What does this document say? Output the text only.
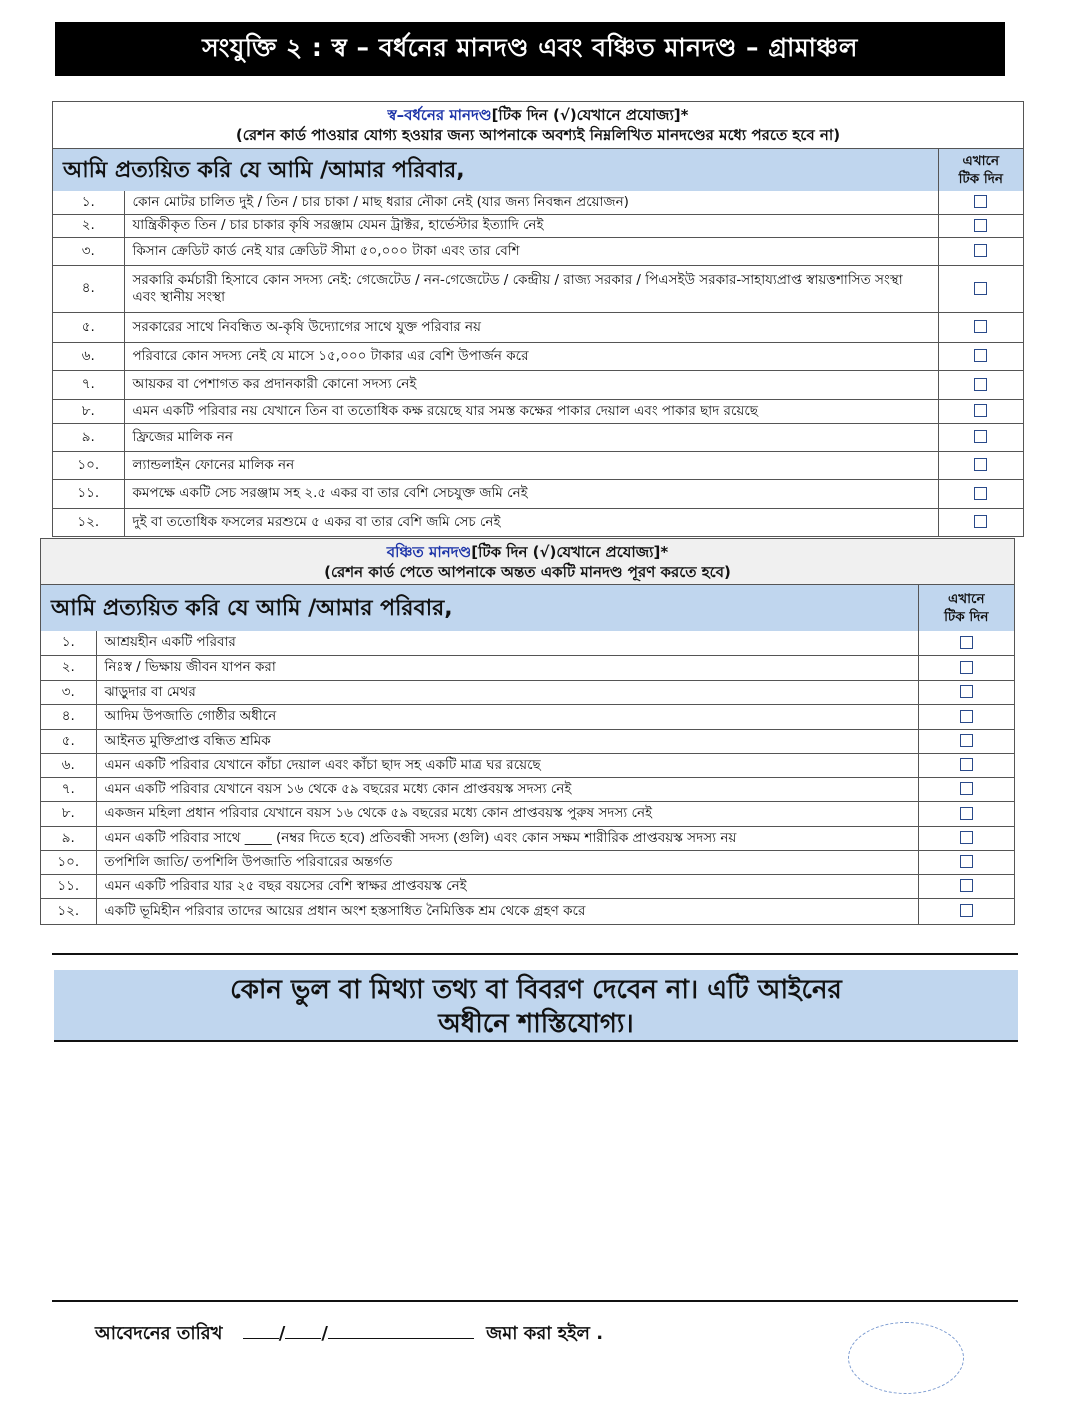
সংযুক্তি ২ : স্ব – বর্ধনের মানদণ্ড এবং বঞ্চিত মানদণ্ড – গ্রামাঞ্চল
স্ব–বর্ধনের মানদণ্ড[টিক দিন (√)যেখানে প্রযোজ্য]*
(রেশন কার্ড পাওয়ার যোগ্য হওয়ার জন্য আপনাকে অবশ্যই নিম্নলিখিত মানদণ্ডের মধ্যে পরতে হবে না)
আমি প্রত্যয়িত করি যে আমি /আমার পরিবার,		এখানে
টিক দিন
১.	কোন মোটর চালিত দুই / তিন / চার চাকা / মাছ ধরার নৌকা নেই (যার জন্য নিবন্ধন প্রয়োজন)	
২.	যান্ত্রিকীকৃত তিন / চার চাকার কৃষি সরঞ্জাম যেমন ট্রাক্টর, হার্ভেস্টার ইত্যাদি নেই	
৩.	কিসান ক্রেডিট কার্ড নেই যার ক্রেডিট সীমা ৫০,০০০ টাকা এবং তার বেশি	
৪.	সরকারি কর্মচারী হিসাবে কোন সদস্য নেই: গেজেটেড / নন-গেজেটেড / কেন্দ্রীয় / রাজ্য সরকার / পিএসইউ সরকার-সাহায্যপ্রাপ্ত স্বায়ত্তশাসিত সংস্থা এবং স্থানীয় সংস্থা	
৫.	সরকারের সাথে নিবন্ধিত অ-কৃষি উদ্যোগের সাথে যুক্ত পরিবার নয়	
৬.	পরিবারে কোন সদস্য নেই যে মাসে ১৫,০০০ টাকার এর বেশি উপার্জন করে	
৭.	আয়কর বা পেশাগত কর প্রদানকারী কোনো সদস্য নেই	
৮.	এমন একটি পরিবার নয় যেখানে তিন বা ততোধিক কক্ষ রয়েছে যার সমস্ত কক্ষের পাকার দেয়াল এবং পাকার ছাদ রয়েছে	
৯.	ফ্রিজের মালিক নন	
১০.	ল্যান্ডলাইন ফোনের মালিক নন	
১১.	কমপক্ষে একটি সেচ সরঞ্জাম সহ ২.৫ একর বা তার বেশি সেচযুক্ত জমি নেই	
১২.	দুই বা ততোধিক ফসলের মরশুমে ৫ একর বা তার বেশি জমি সেচ নেই	
বঞ্চিত মানদণ্ড[টিক দিন (√)যেখানে প্রযোজ্য]*
(রেশন কার্ড পেতে আপনাকে অন্তত একটি মানদণ্ড পূরণ করতে হবে)
আমি প্রত্যয়িত করি যে আমি /আমার পরিবার,		এখানে
টিক দিন
১.	আশ্রয়হীন একটি পরিবার	
২.	নিঃস্ব / ভিক্ষায় জীবন যাপন করা	
৩.	ঝাড়ুদার বা মেথর	
৪.	আদিম উপজাতি গোষ্ঠীর অধীনে	
৫.	আইনত মুক্তিপ্রাপ্ত বন্ধিত শ্রমিক	
৬.	এমন একটি পরিবার যেখানে কাঁচা দেয়াল এবং কাঁচা ছাদ সহ একটি মাত্র ঘর রয়েছে	
৭.	এমন একটি পরিবার যেখানে বয়স ১৬ থেকে ৫৯ বছরের মধ্যে কোন প্রাপ্তবয়স্ক সদস্য নেই	
৮.	একজন মহিলা প্রধান পরিবার যেখানে বয়স ১৬ থেকে ৫৯ বছরের মধ্যে কোন প্রাপ্তবয়স্ক পুরুষ সদস্য নেই	
৯.	এমন একটি পরিবার সাথে ____ (নম্বর দিতে হবে) প্রতিবন্ধী সদস্য (গুলি) এবং কোন সক্ষম শারীরিক প্রাপ্তবয়স্ক সদস্য নয়	
১০.	তপশিলি জাতি/ তপশিলি উপজাতি পরিবারের অন্তর্গত	
১১.	এমন একটি পরিবার যার ২৫ বছর বয়সের বেশি স্বাক্ষর প্রাপ্তবয়স্ক নেই	
১২.	একটি ভূমিহীন পরিবার তাদের আয়ের প্রধান অংশ হস্তসাধিত নৈমিত্তিক শ্রম থেকে গ্রহণ করে	
কোন ভুল বা মিথ্যা তথ্য বা বিবরণ দেবেন না। এটি আইনের
অধীনে শাস্তিযোগ্য।
আবেদনের তারিখ	/ /	জমা করা হইল .
